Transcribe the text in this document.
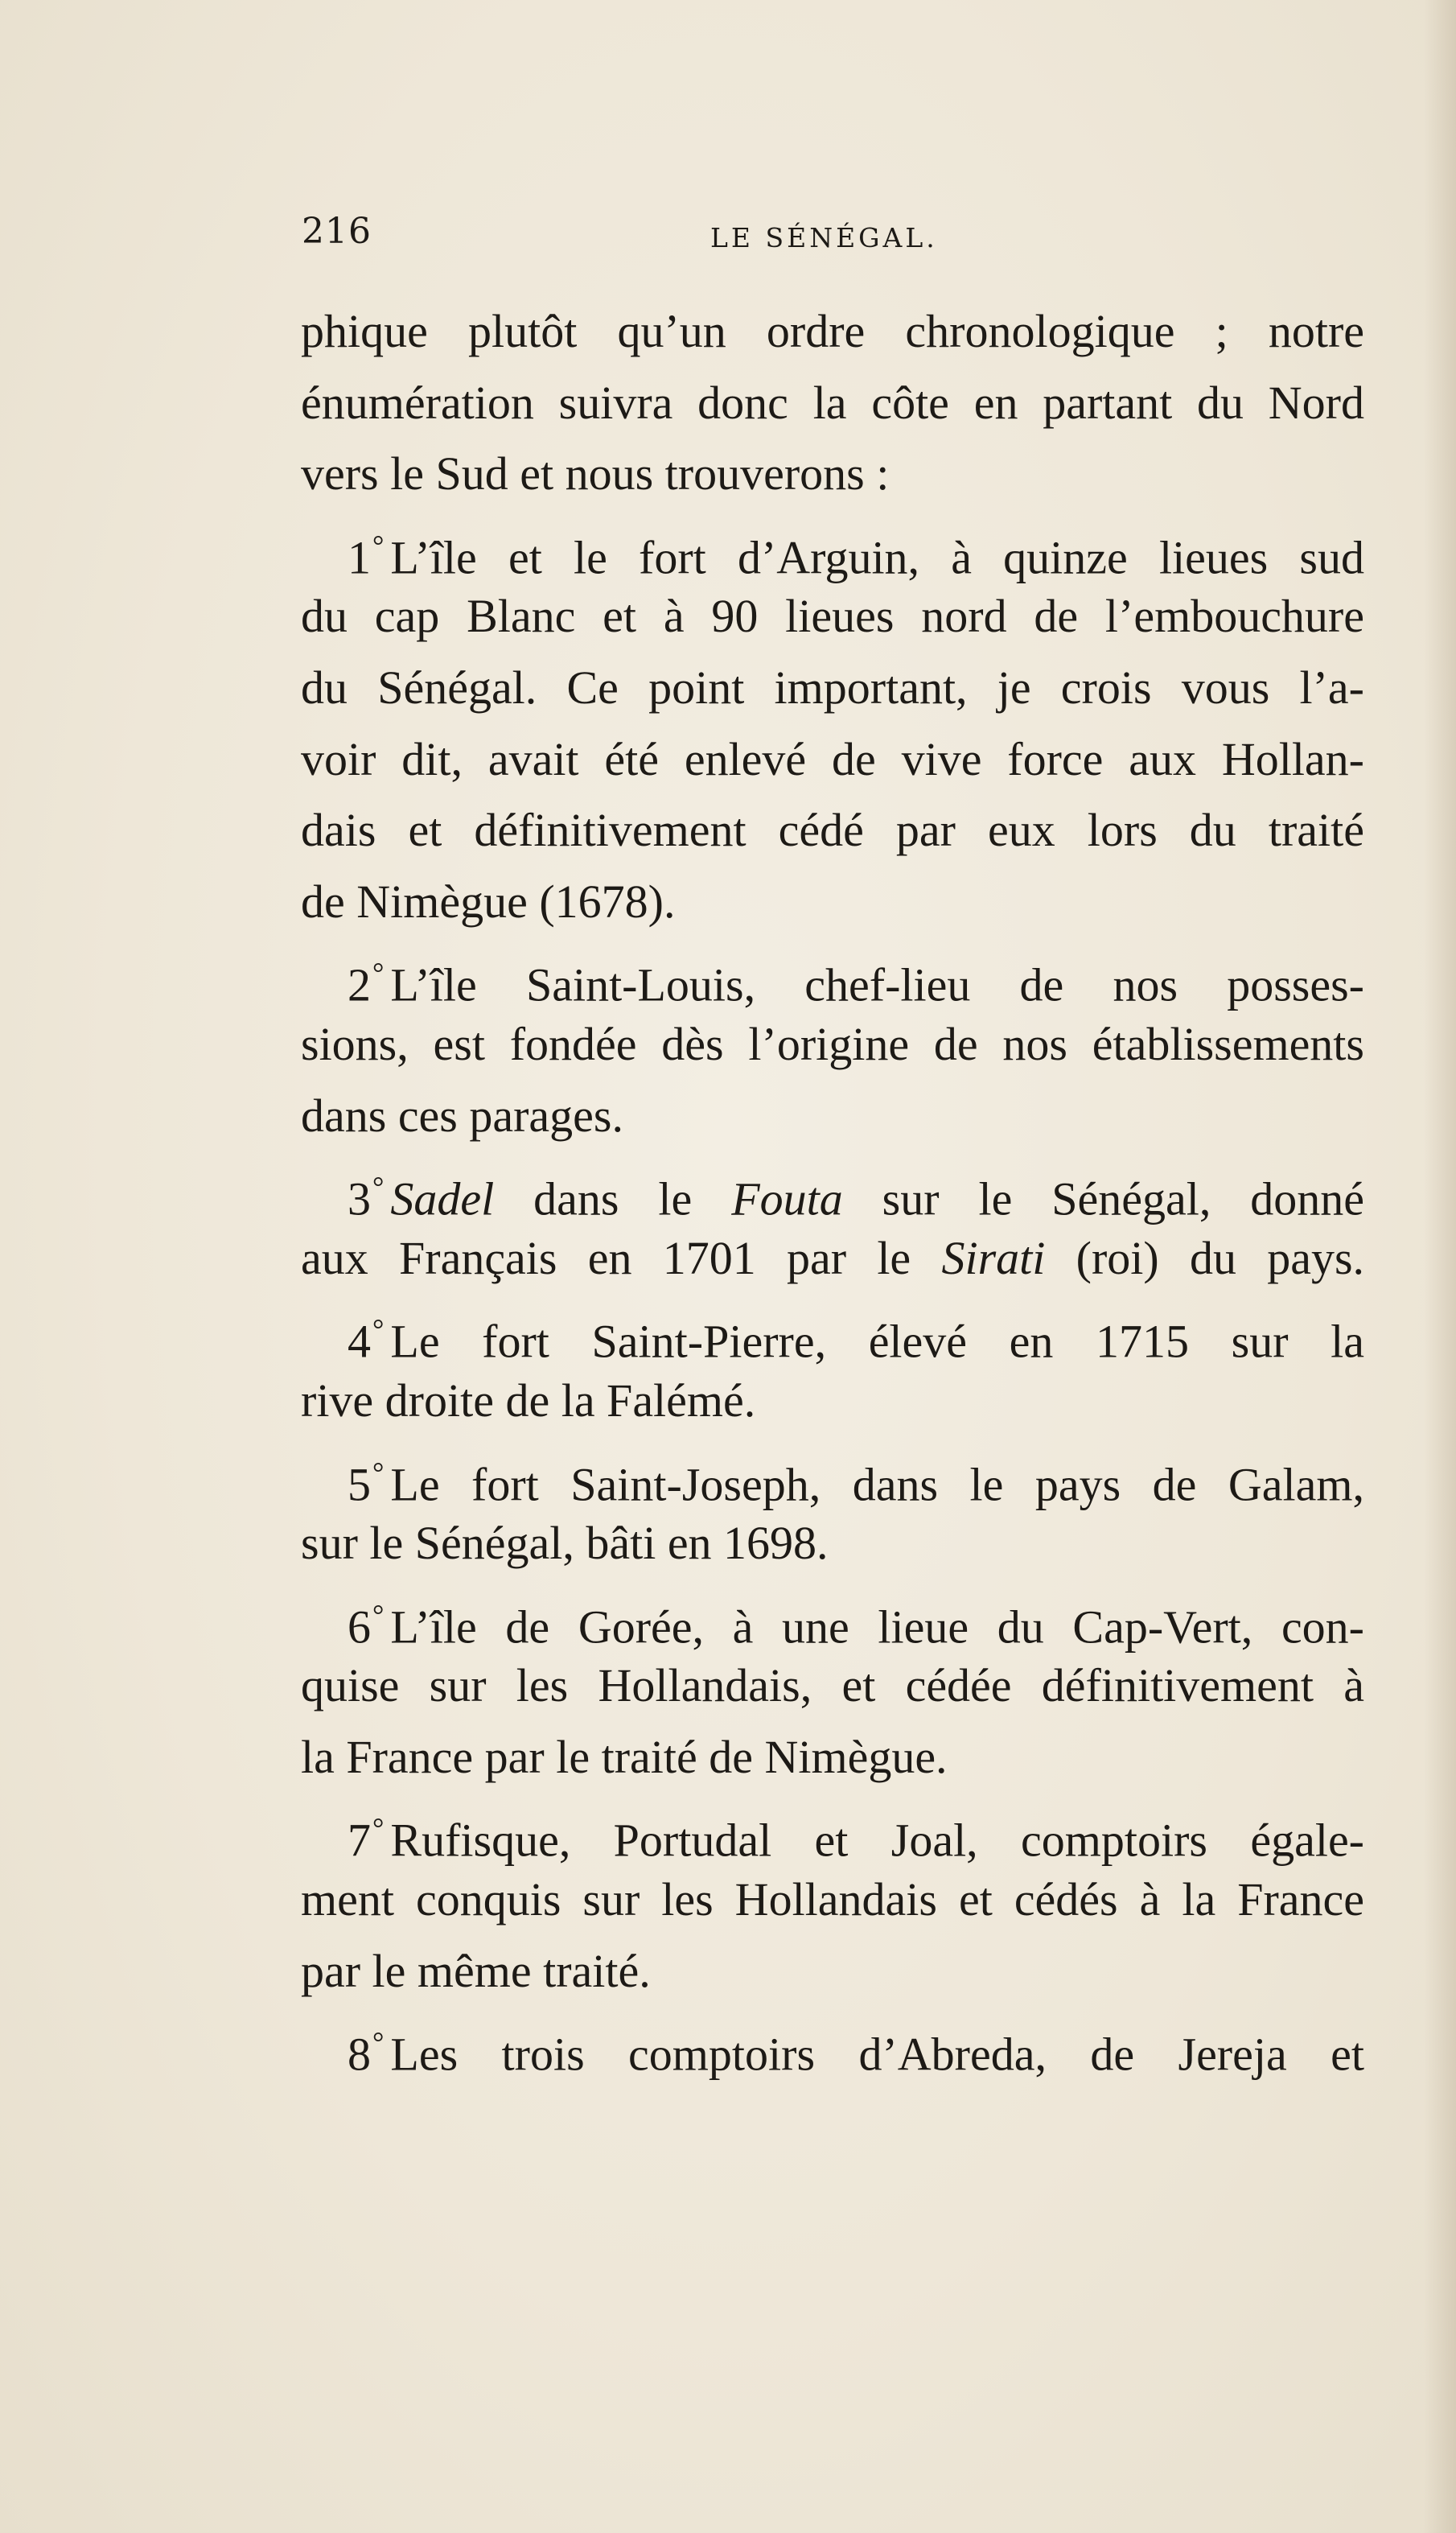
216	LE SÉNÉGAL.
phique plutôt qu’un ordre chronologique ; notre
énumération suivra donc la côte en partant du Nord
vers le Sud et nous trouverons :
1° L’île et le fort d’Arguin, à quinze lieues sud
du cap Blanc et à 90 lieues nord de l’embouchure
du Sénégal. Ce point important, je crois vous l’a-
voir dit, avait été enlevé de vive force aux Hollan-
dais et définitivement cédé par eux lors du traité
de Nimègue (1678).
2° L’île Saint-Louis, chef-lieu de nos posses-
sions, est fondée dès l’origine de nos établissements
dans ces parages.
3° Sadel dans le Fouta sur le Sénégal, donné
aux Français en 1701 par le Sirati (roi) du pays.
4° Le fort Saint-Pierre, élevé en 1715 sur la
rive droite de la Falémé.
5° Le fort Saint-Joseph, dans le pays de Galam,
sur le Sénégal, bâti en 1698.
6° L’île de Gorée, à une lieue du Cap-Vert, con-
quise sur les Hollandais, et cédée définitivement à
la France par le traité de Nimègue.
7° Rufisque, Portudal et Joal, comptoirs égale-
ment conquis sur les Hollandais et cédés à la France
par le même traité.
8° Les trois comptoirs d’Abreda, de Jereja et
